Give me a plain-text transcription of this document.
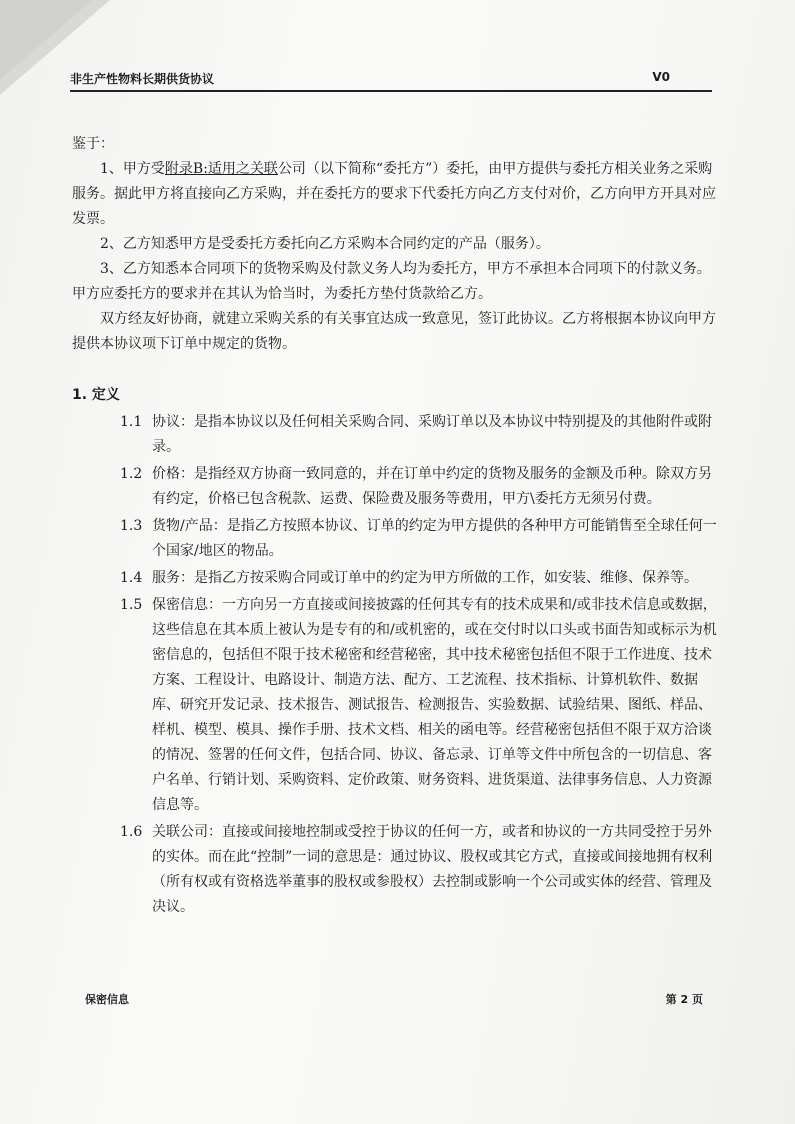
非生产性物料长期供货协议	V0

鉴于：

1、甲方受附录B:适用之关联公司（以下简称“委托方”）委托，由甲方提供与委托方相关业务之采购服务。据此甲方将直接向乙方采购，并在委托方的要求下代委托方向乙方支付对价，乙方向甲方开具对应发票。

2、乙方知悉甲方是受委托方委托向乙方采购本合同约定的产品（服务）。

3、乙方知悉本合同项下的货物采购及付款义务人均为委托方，甲方不承担本合同项下的付款义务。甲方应委托方的要求并在其认为恰当时，为委托方垫付货款给乙方。

双方经友好协商，就建立采购关系的有关事宜达成一致意见，签订此协议。乙方将根据本协议向甲方提供本协议项下订单中规定的货物。

1. 定义
1.1 协议：是指本协议以及任何相关采购合同、采购订单以及本协议中特别提及的其他附件或附录。
1.2 价格：是指经双方协商一致同意的，并在订单中约定的货物及服务的金额及币种。除双方另有约定，价格已包含税款、运费、保险费及服务等费用，甲方\委托方无须另付费。
1.3 货物/产品：是指乙方按照本协议、订单的约定为甲方提供的各种甲方可能销售至全球任何一个国家/地区的物品。
1.4 服务：是指乙方按采购合同或订单中的约定为甲方所做的工作，如安装、维修、保养等。
1.5 保密信息：一方向另一方直接或间接披露的任何其专有的技术成果和/或非技术信息或数据，这些信息在其本质上被认为是专有的和/或机密的，或在交付时以口头或书面告知或标示为机密信息的，包括但不限于技术秘密和经营秘密，其中技术秘密包括但不限于工作进度、技术方案、工程设计、电路设计、制造方法、配方、工艺流程、技术指标、计算机软件、数据库、研究开发记录、技术报告、测试报告、检测报告、实验数据、试验结果、图纸、样品、样机、模型、模具、操作手册、技术文档、相关的函电等。经营秘密包括但不限于双方洽谈的情况、签署的任何文件，包括合同、协议、备忘录、订单等文件中所包含的一切信息、客户名单、行销计划、采购资料、定价政策、财务资料、进货渠道、法律事务信息、人力资源信息等。
1.6 关联公司：直接或间接地控制或受控于协议的任何一方，或者和协议的一方共同受控于另外的实体。而在此“控制”一词的意思是：通过协议、股权或其它方式，直接或间接地拥有权利（所有权或有资格选举董事的股权或参股权）去控制或影响一个公司或实体的经营、管理及决议。
保密信息	第 2 页
